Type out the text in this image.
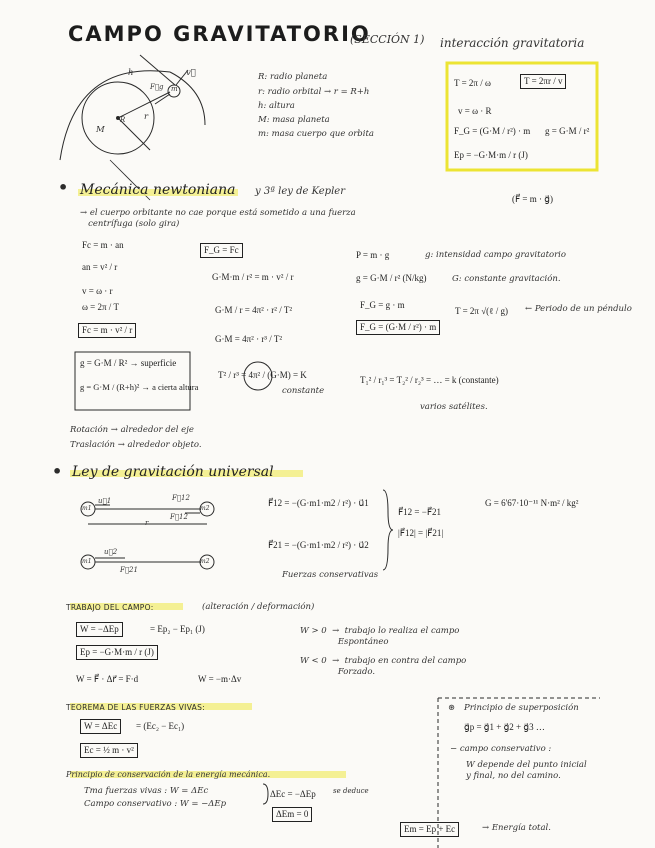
CAMPO GRAVITATORIO
(SECCIÓN 1) interacción gravitatoria
h	v⃗
F⃗g m
r
R
M
R: radio planeta
r: radio orbital → r = R+h
h: altura
M: masa planeta
m: masa cuerpo que orbita
T = 2π / ω	T = 2πr / v
v = ω · R
F_G = (G·M / r²) · m g = G·M / r²
Ep = −G·M·m / r (J)
• Mecánica newtoniana y 3ª ley de Kepler
(F⃗ = m · g⃗)
→ el cuerpo orbitante no cae porque está sometido a una fuerza
centrífuga (solo gira)
Fc = m · an
an = v² / r
v = ω · r
ω = 2π / T
Fc = m · v² / r
g = G·M / R² → superficie
g = G·M / (R+h)² → a cierta altura
Rotación → alrededor del eje
Traslación → alrededor objeto.
F_G = Fc
G·M·m / r² = m · v² / r
G·M / r = 4π² · r² / T²
G·M = 4π² · r³ / T²
T² / r³ = 4π² / (G·M) = K
constante
P = m · g	g: intensidad campo gravitatorio
g = G·M / r² (N/kg)	G: constante gravitación.
F_G = g · m
F_G = (G·M / r²) · m
T = 2π √(ℓ / g) ← Periodo de un péndulo
T₁² / r₁³ = T₂² / r₂³ = … = k (constante)
varios satélites.
• Ley de gravitación universal
m1	m2
F⃗12
F⃗12
u⃗1
r
m1	m2
u⃗2
F⃗21
F⃗12 = −(G·m1·m2 / r²) · u⃗1
F⃗21 = −(G·m1·m2 / r²) · u⃗2
F⃗12 = −F⃗21
|F⃗12| = |F⃗21|
G = 6'67·10⁻¹¹ N·m² / kg²
Fuerzas conservativas
TRABAJO DEL CAMPO:	(alteración / deformación)
W = −ΔEp	= Ep₂ − Ep₁ (J)
Ep = −G·M·m / r (J)
W = F⃗ · Δr⃗ = F·d	W = −m·Δv
W > 0  →  trabajo lo realiza el campo
Espontáneo
W < 0  →  trabajo en contra del campo
Forzado.
TEOREMA DE LAS FUERZAS VIVAS:
W = ΔEc	= (Ec₂ − Ec₁)
Ec = ½ m · v²
Principio de conservación de la energía mecánica.
Tma fuerzas vivas : W = ΔEc
Campo conservativo : W = −ΔEp
ΔEc = −ΔEp se deduce
ΔEm = 0
Em = Ep + Ec	→ Energía total.
⊛ Principio de superposición
g⃗p = g⃗1 + g⃗2 + g⃗3 …
− campo conservativo :
W depende del punto inicial
y final, no del camino.
